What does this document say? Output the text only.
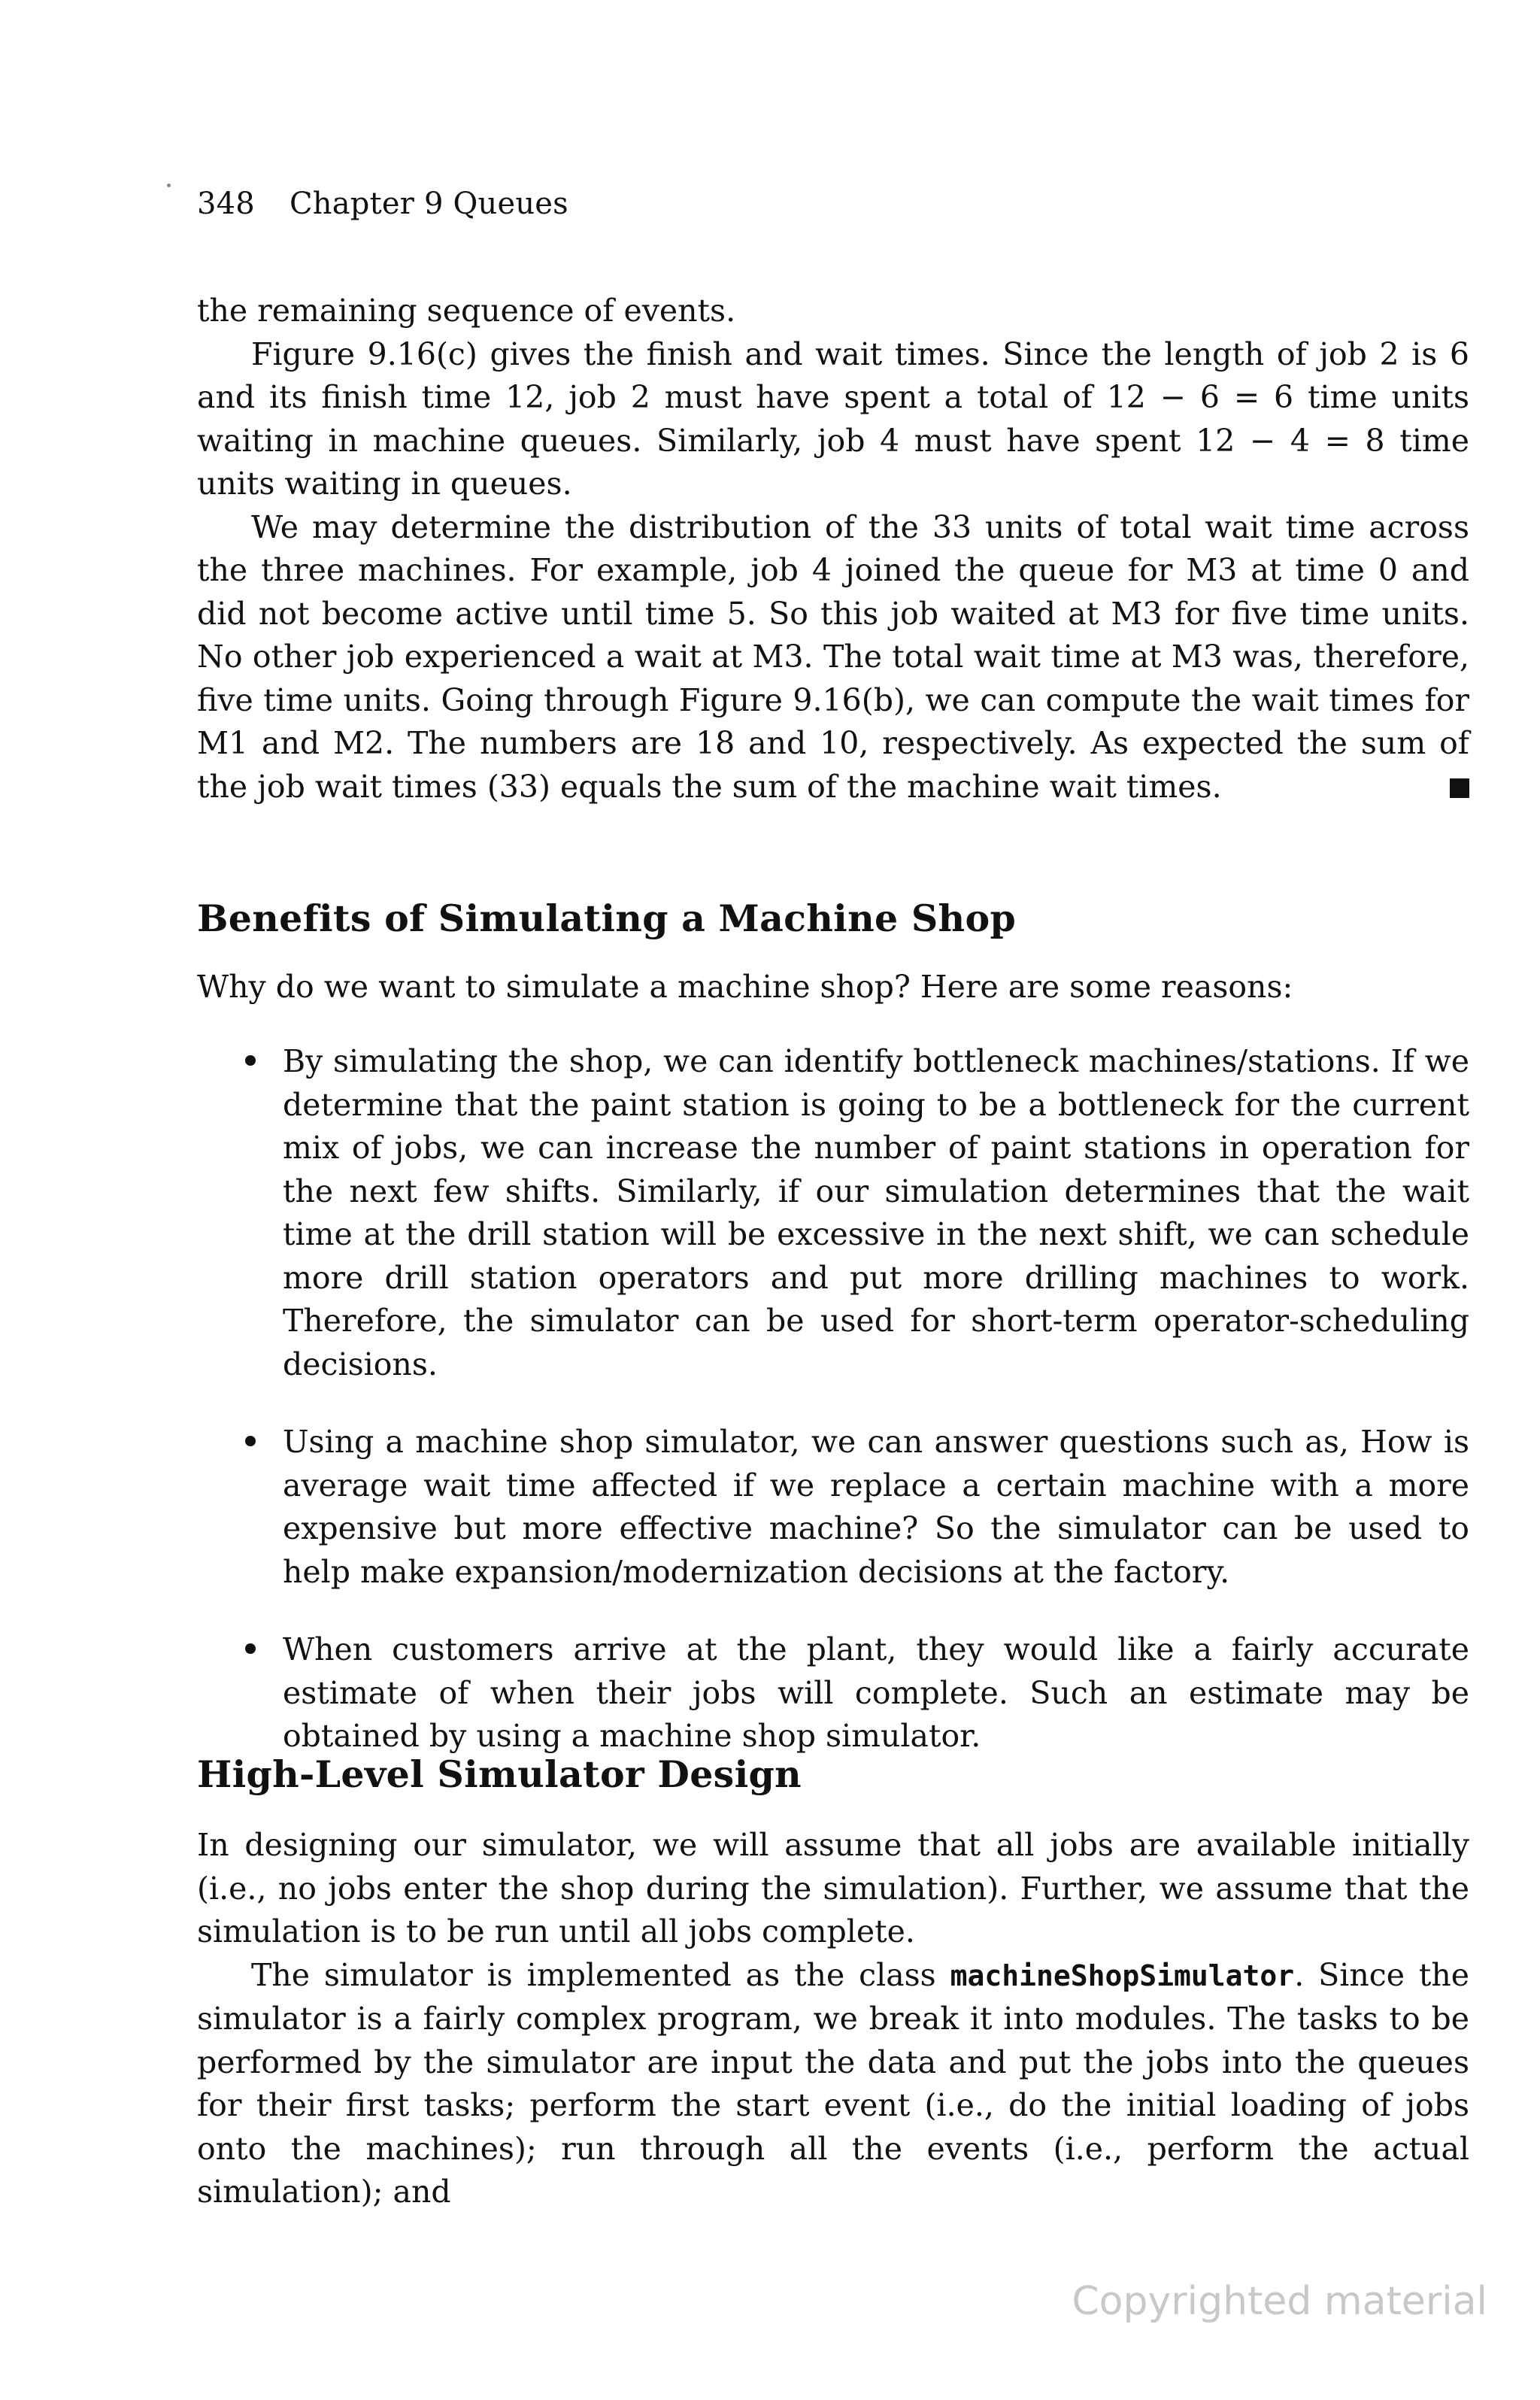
348 Chapter 9 Queues

the remaining sequence of events.

Figure 9.16(c) gives the finish and wait times. Since the length of job 2 is 6 and its finish time 12, job 2 must have spent a total of 12 − 6 = 6 time units waiting in machine queues. Similarly, job 4 must have spent 12 − 4 = 8 time units waiting in queues.

We may determine the distribution of the 33 units of total wait time across the three machines. For example, job 4 joined the queue for M3 at time 0 and did not become active until time 5. So this job waited at M3 for five time units. No other job experienced a wait at M3. The total wait time at M3 was, therefore, five time units. Going through Figure 9.16(b), we can compute the wait times for M1 and M2. The numbers are 18 and 10, respectively. As expected the sum of the job wait times (33) equals the sum of the machine wait times.

Benefits of Simulating a Machine Shop

Why do we want to simulate a machine shop? Here are some reasons:

By simulating the shop, we can identify bottleneck machines/stations. If we determine that the paint station is going to be a bottleneck for the current mix of jobs, we can increase the number of paint stations in operation for the next few shifts. Similarly, if our simulation determines that the wait time at the drill station will be excessive in the next shift, we can schedule more drill station operators and put more drilling machines to work. Therefore, the simulator can be used for short-term operator-scheduling decisions.
Using a machine shop simulator, we can answer questions such as, How is average wait time affected if we replace a certain machine with a more expensive but more effective machine? So the simulator can be used to help make expansion/modernization decisions at the factory.
When customers arrive at the plant, they would like a fairly accurate estimate of when their jobs will complete. Such an estimate may be obtained by using a machine shop simulator.
High-Level Simulator Design

In designing our simulator, we will assume that all jobs are available initially (i.e., no jobs enter the shop during the simulation). Further, we assume that the simulation is to be run until all jobs complete.

The simulator is implemented as the class machineShopSimulator. Since the simulator is a fairly complex program, we break it into modules. The tasks to be performed by the simulator are input the data and put the jobs into the queues for their first tasks; perform the start event (i.e., do the initial loading of jobs onto the machines); run through all the events (i.e., perform the actual simulation); and

Copyrighted material
